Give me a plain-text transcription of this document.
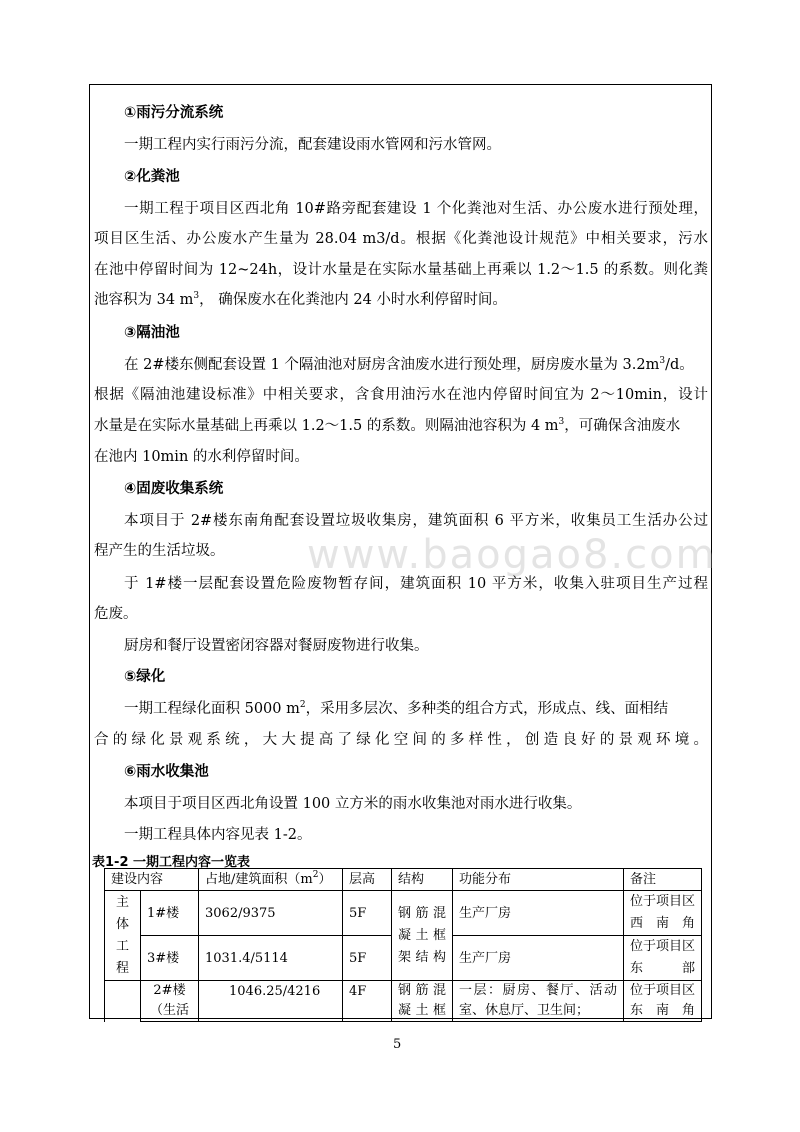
www.baogao8.com
①雨污分流系统
一期工程内实行雨污分流，配套建设雨水管网和污水管网。
②化粪池
一期工程于项目区西北角 10#路旁配套建设 1 个化粪池对生活、办公废水进行预处理，
项目区生活、办公废水产生量为 28.04 m3/d。根据《化粪池设计规范》中相关要求，污水
在池中停留时间为 12~24h，设计水量是在实际水量基础上再乘以 1.2～1.5 的系数。则化粪
池容积为 34 $m^3$， 确保废水在化粪池内 24 小时水利停留时间。
③隔油池
在 2#楼东侧配套设置 1 个隔油池对厨房含油废水进行预处理，厨房废水量为 $3.2m^3/d$。
根据《隔油池建设标准》中相关要求，含食用油污水在池内停留时间宜为 2～10min，设计
水量是在实际水量基础上再乘以 1.2～1.5 的系数。则隔油池容积为 4 $m^3$，可确保含油废水
在池内 10min 的水利停留时间。
④固废收集系统
本项目于 2#楼东南角配套设置垃圾收集房，建筑面积 6 平方米，收集员工生活办公过
程产生的生活垃圾。
于 1#楼一层配套设置危险废物暂存间，建筑面积 10 平方米，收集入驻项目生产过程
危废。
厨房和餐厅设置密闭容器对餐厨废物进行收集。
⑤绿化
一期工程绿化面积 5000 $m^2$，采用多层次、多种类的组合方式，形成点、线、面相结
合的绿化景观系统，大大提高了绿化空间的多样性，创造良好的景观环境。
⑥雨水收集池
本项目于项目区西北角设置 100 立方米的雨水收集池对雨水进行收集。
一期工程具体内容见表 1-2。
表1-2 一期工程内容一览表
建设内容		占地/建筑面积$(m^2)$	层高	结构	功能分布	备注
主体工程	1#楼	3062/9375	5F	钢筋混凝土框架结构	生产厂房	位于项目区西南角
	3#楼	1031.4/5114	5F		生产厂房	位于项目区东部
	2#楼（生活	1046.25/4216	4F	钢筋混凝土框	一层：厨房、餐厅、活动室、休息厅、卫生间；	位于项目区东南角
5
